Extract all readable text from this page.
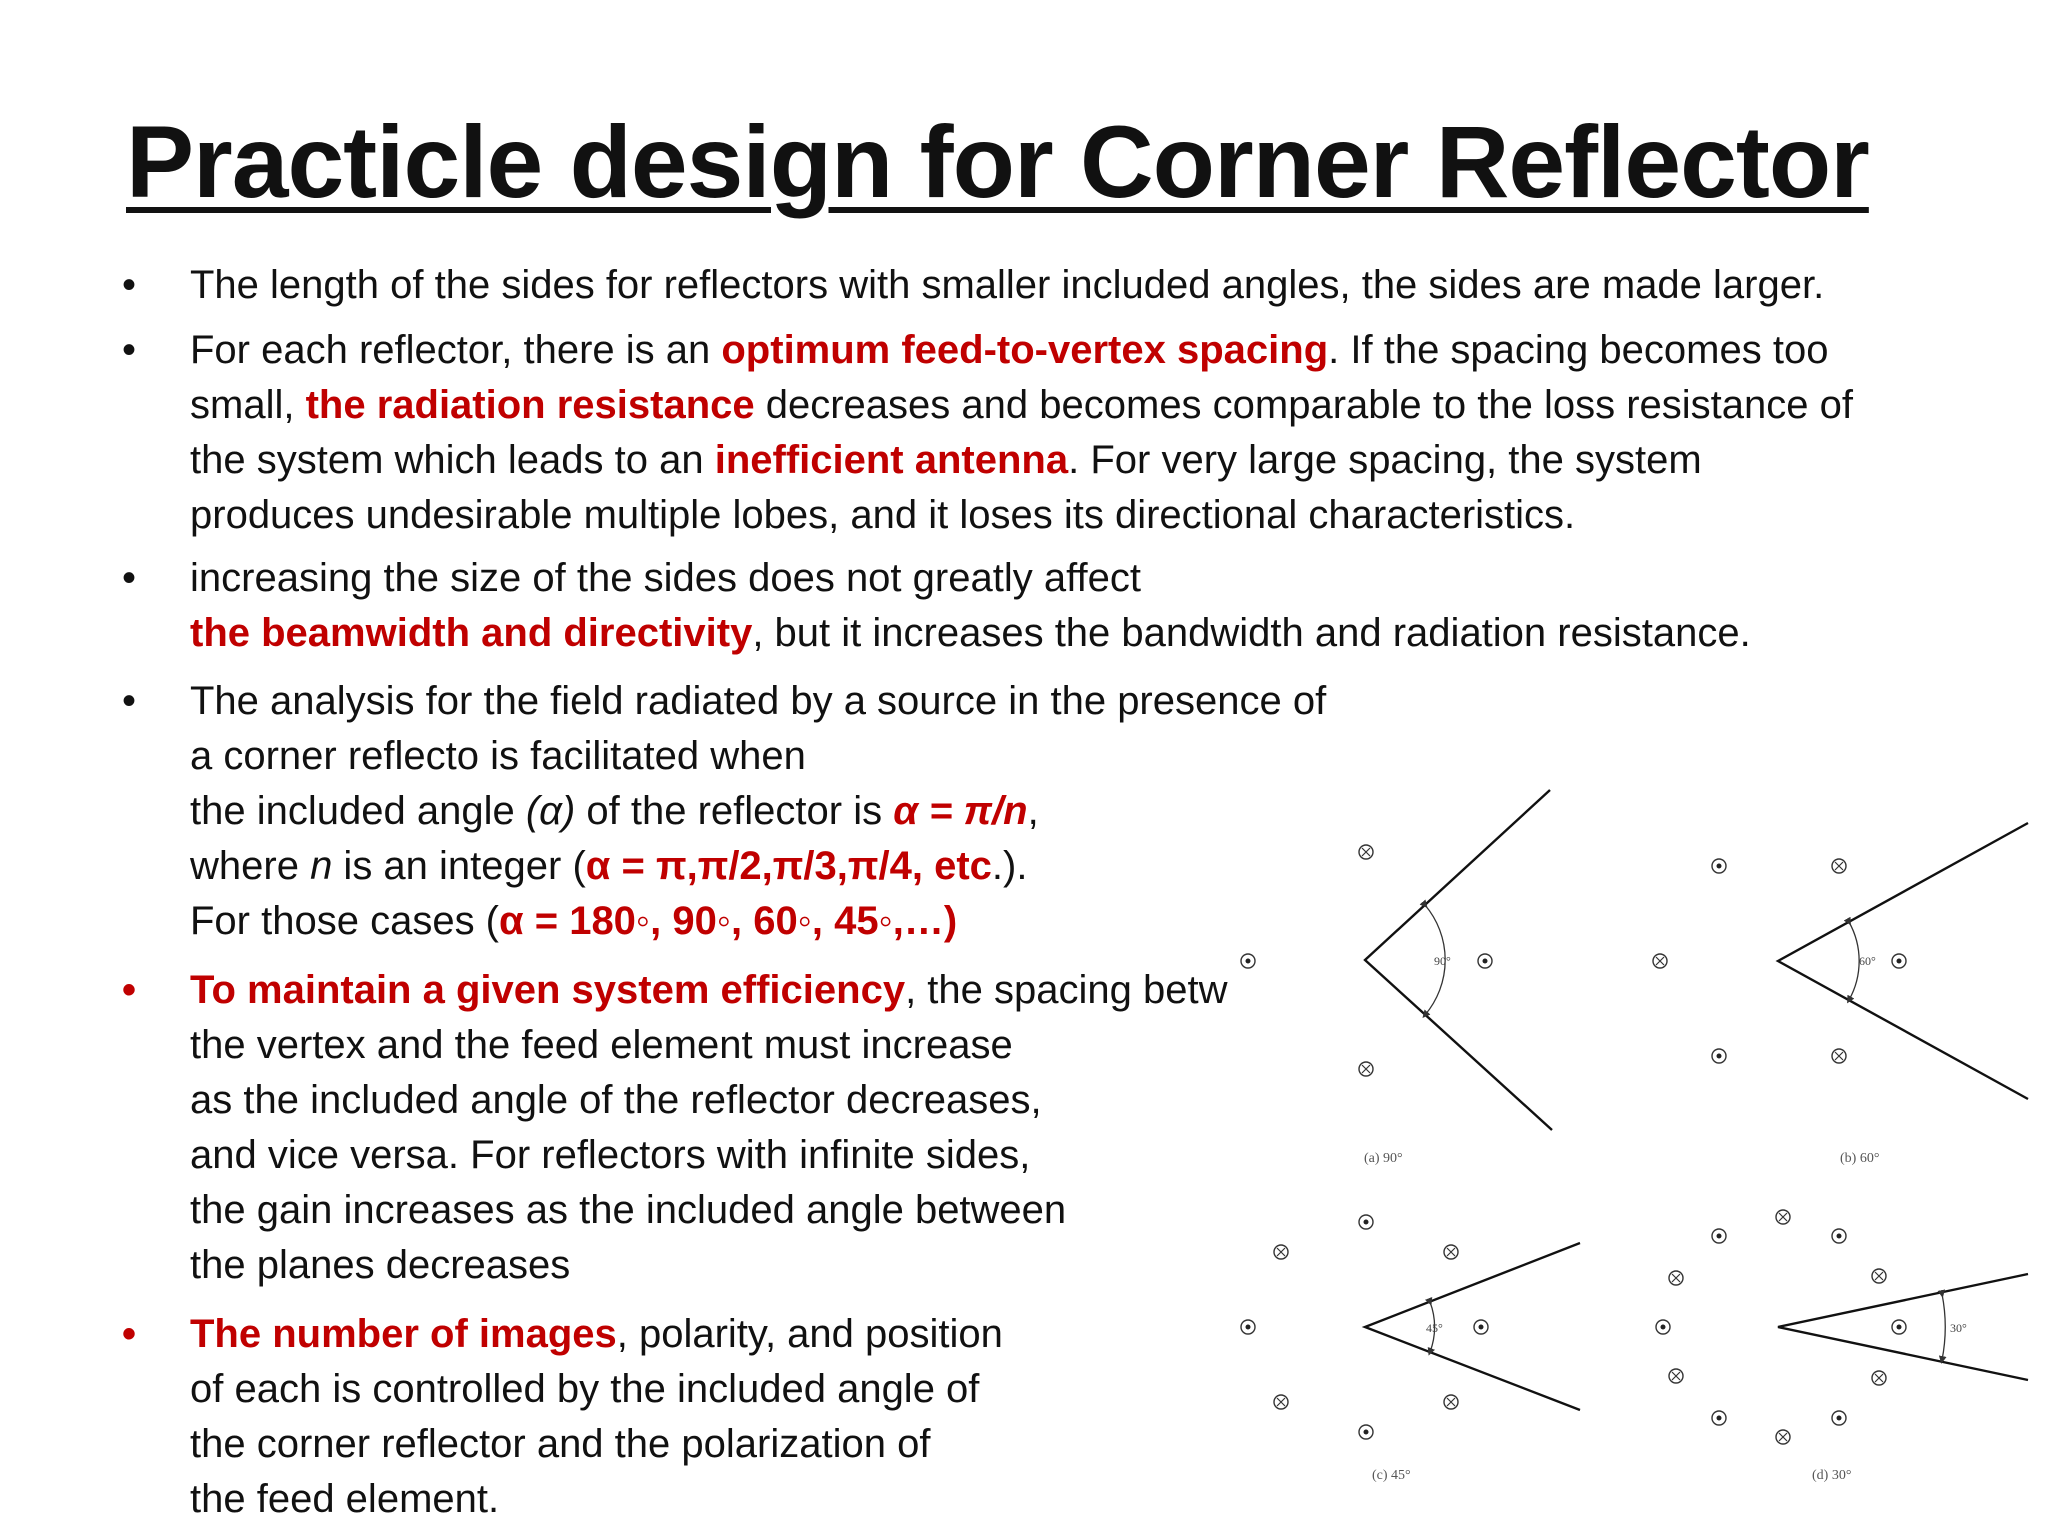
Practicle design for Corner Reflector
•	The length of the sides for reflectors with smaller included angles, the sides are made larger.
•	For each reflector, there is an optimum feed-to-vertex spacing. If the spacing becomes too
small, the radiation resistance decreases and becomes comparable to the loss resistance of
the system which leads to an inefficient antenna. For very large spacing, the system
produces undesirable multiple lobes, and it loses its directional characteristics.
•	increasing the size of the sides does not greatly affect
the beamwidth and directivity, but it increases the bandwidth and radiation resistance.
•	The analysis for the field radiated by a source in the presence of
a corner reflecto is facilitated when
the included angle (α) of the reflector is α = π/n,
where n is an integer (α = π,π/2,π/3,π/4, etc.).
For those cases (α = 180◦, 90◦, 60◦, 45◦,…)
•	To maintain a given system efficiency, the spacing betw
the vertex and the feed element must increase
as the included angle of the reflector decreases,
and vice versa. For reflectors with infinite sides,
the gain increases as the included angle between
the planes decreases
•	The number of images, polarity, and position
of each is controlled by the included angle of
the corner reflector and the polarization of
the feed element.
90°
(a) 90°
60°
(b) 60°
45°
(c) 45°
30°
(d) 30°
